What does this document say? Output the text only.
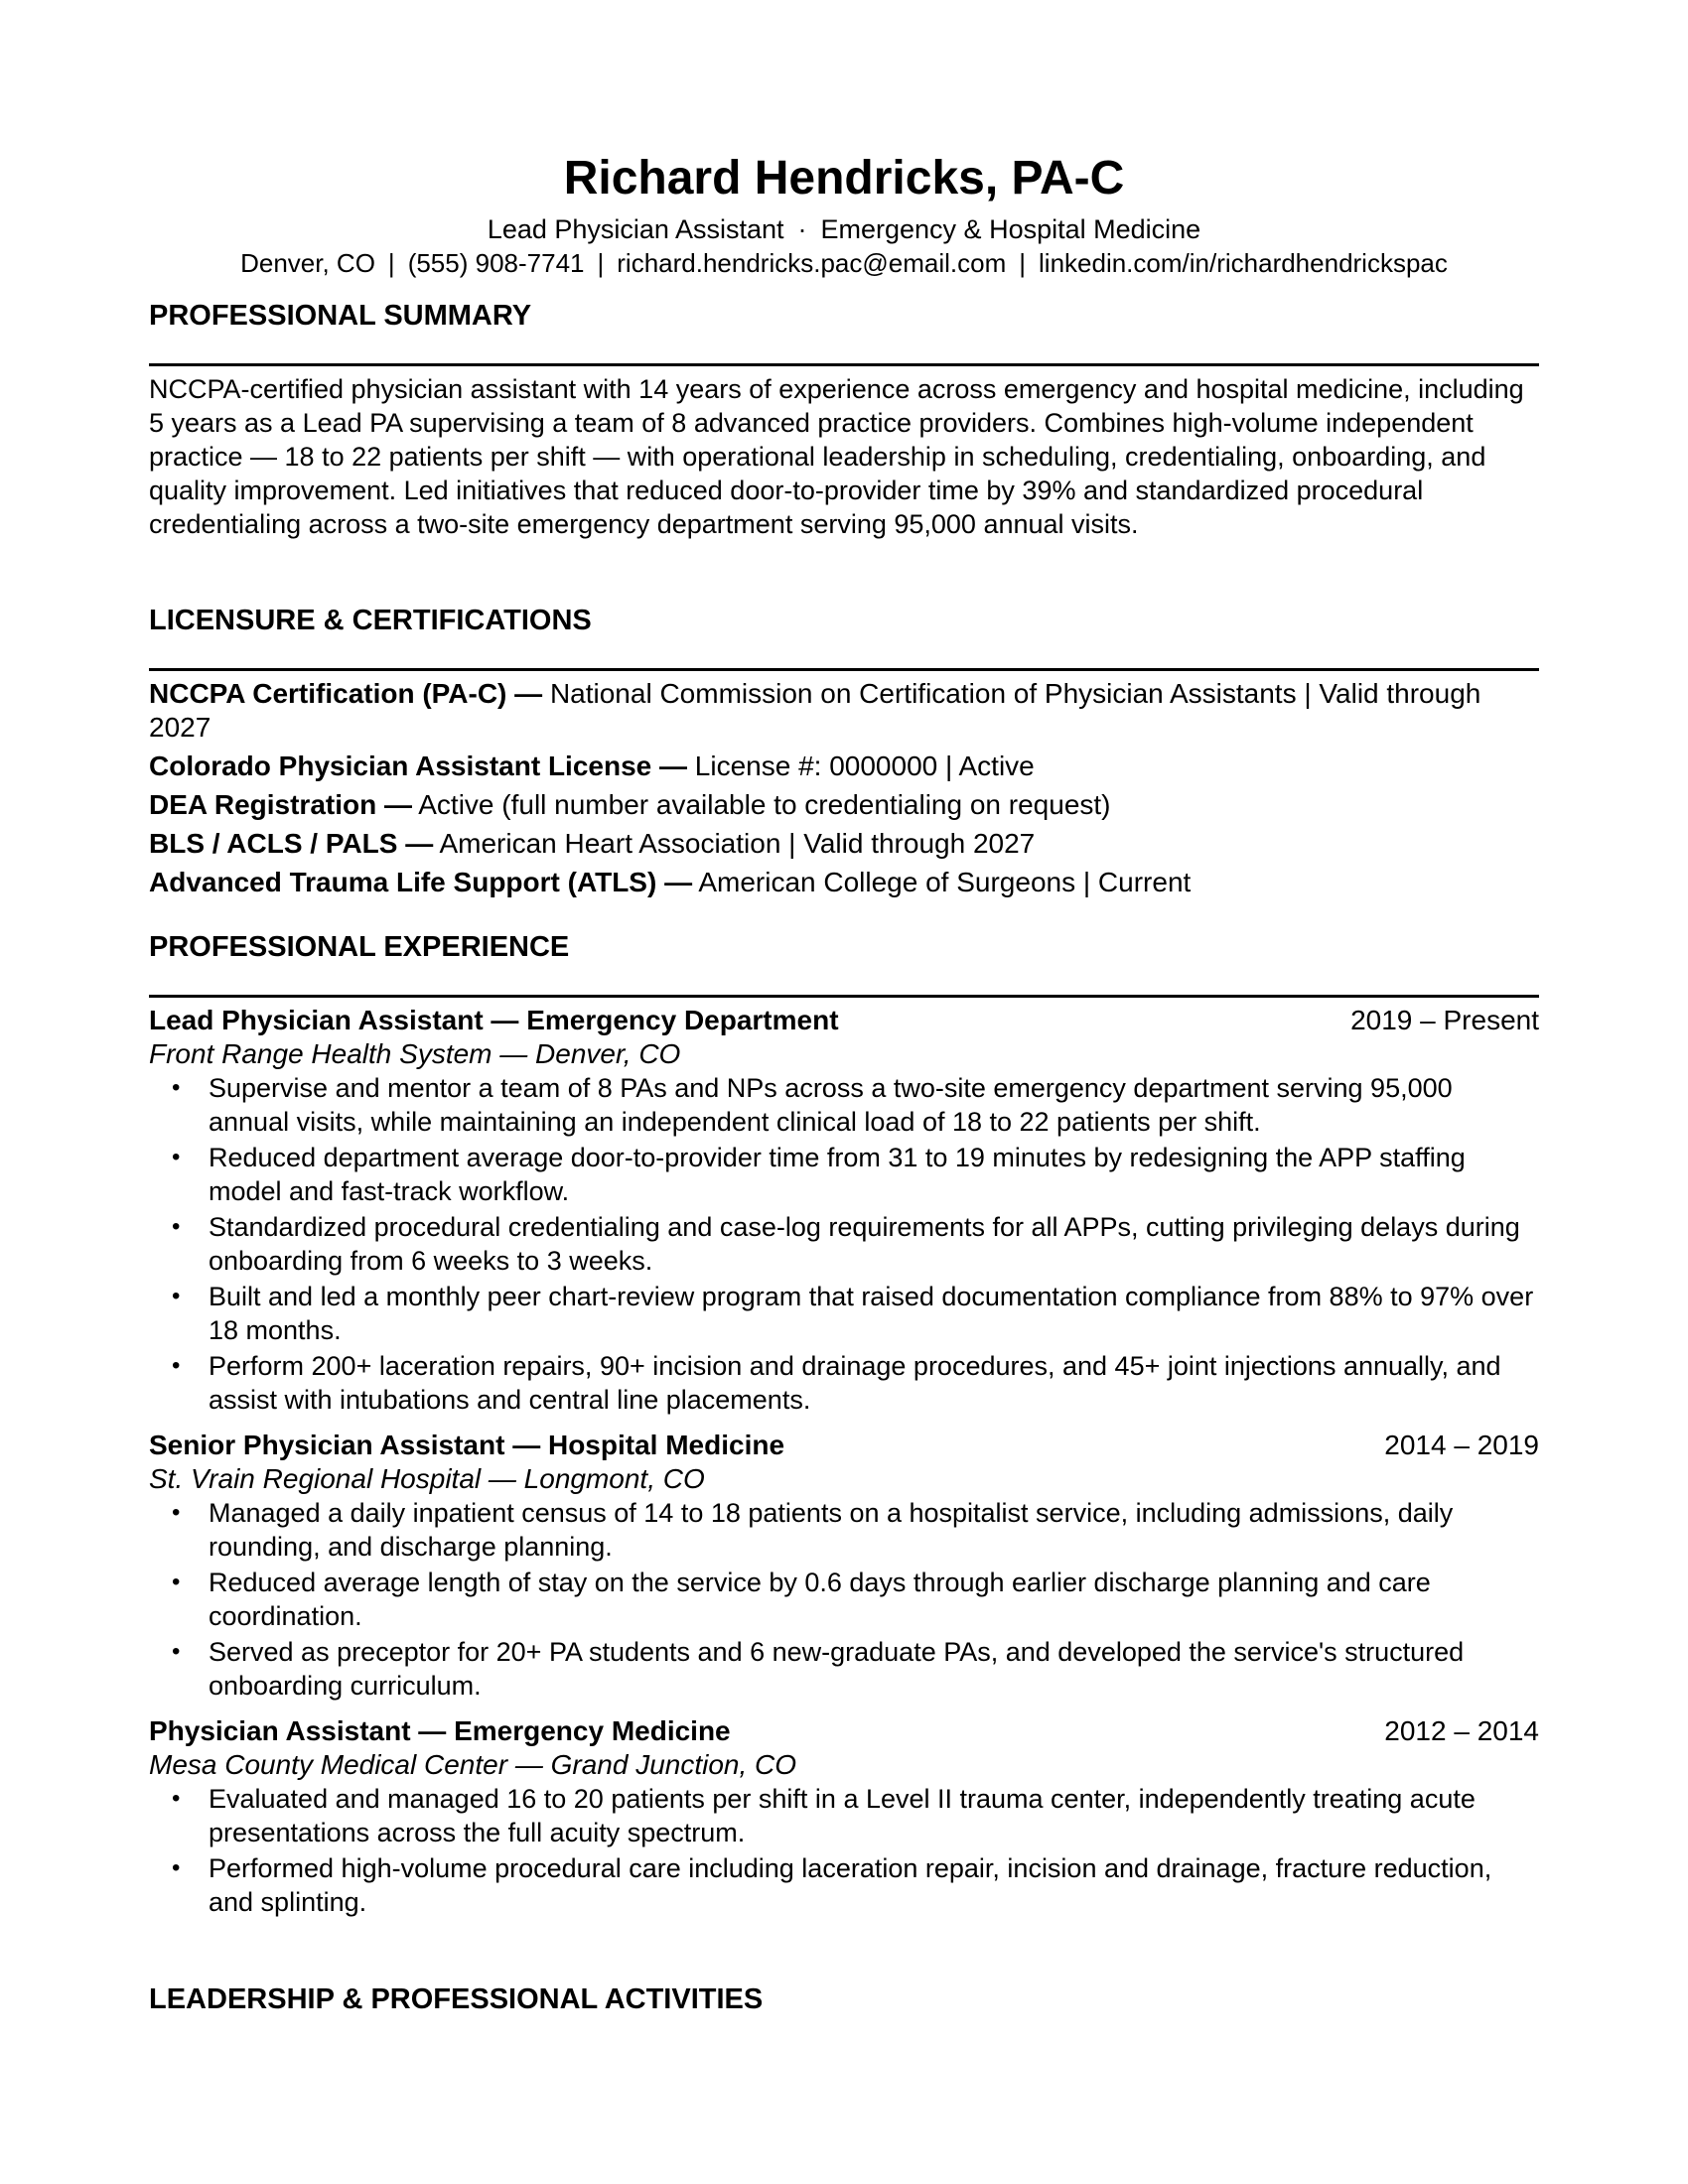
Richard Hendricks, PA-C
Lead Physician Assistant · Emergency & Hospital Medicine
Denver, CO | (555) 908-7741 | richard.hendricks.pac@email.com | linkedin.com/in/richardhendrickspac
PROFESSIONAL SUMMARY
NCCPA-certified physician assistant with 14 years of experience across emergency and hospital medicine, including 5 years as a Lead PA supervising a team of 8 advanced practice providers. Combines high-volume independent practice — 18 to 22 patients per shift — with operational leadership in scheduling, credentialing, onboarding, and quality improvement. Led initiatives that reduced door-to-provider time by 39% and standardized procedural credentialing across a two-site emergency department serving 95,000 annual visits.
LICENSURE & CERTIFICATIONS
NCCPA Certification (PA-C) — National Commission on Certification of Physician Assistants | Valid through 2027
Colorado Physician Assistant License — License #: 0000000 | Active
DEA Registration — Active (full number available to credentialing on request)
BLS / ACLS / PALS — American Heart Association | Valid through 2027
Advanced Trauma Life Support (ATLS) — American College of Surgeons | Current
PROFESSIONAL EXPERIENCE
Lead Physician Assistant — Emergency Department	2019 – Present
Front Range Health System — Denver, CO
• Supervise and mentor a team of 8 PAs and NPs across a two-site emergency department serving 95,000 annual visits, while maintaining an independent clinical load of 18 to 22 patients per shift.
• Reduced department average door-to-provider time from 31 to 19 minutes by redesigning the APP staffing model and fast-track workflow.
• Standardized procedural credentialing and case-log requirements for all APPs, cutting privileging delays during onboarding from 6 weeks to 3 weeks.
• Built and led a monthly peer chart-review program that raised documentation compliance from 88% to 97% over 18 months.
• Perform 200+ laceration repairs, 90+ incision and drainage procedures, and 45+ joint injections annually, and assist with intubations and central line placements.
Senior Physician Assistant — Hospital Medicine	2014 – 2019
St. Vrain Regional Hospital — Longmont, CO
• Managed a daily inpatient census of 14 to 18 patients on a hospitalist service, including admissions, daily rounding, and discharge planning.
• Reduced average length of stay on the service by 0.6 days through earlier discharge planning and care coordination.
• Served as preceptor for 20+ PA students and 6 new-graduate PAs, and developed the service's structured onboarding curriculum.
Physician Assistant — Emergency Medicine	2012 – 2014
Mesa County Medical Center — Grand Junction, CO
• Evaluated and managed 16 to 20 patients per shift in a Level II trauma center, independently treating acute presentations across the full acuity spectrum.
• Performed high-volume procedural care including laceration repair, incision and drainage, fracture reduction, and splinting.
LEADERSHIP & PROFESSIONAL ACTIVITIES
